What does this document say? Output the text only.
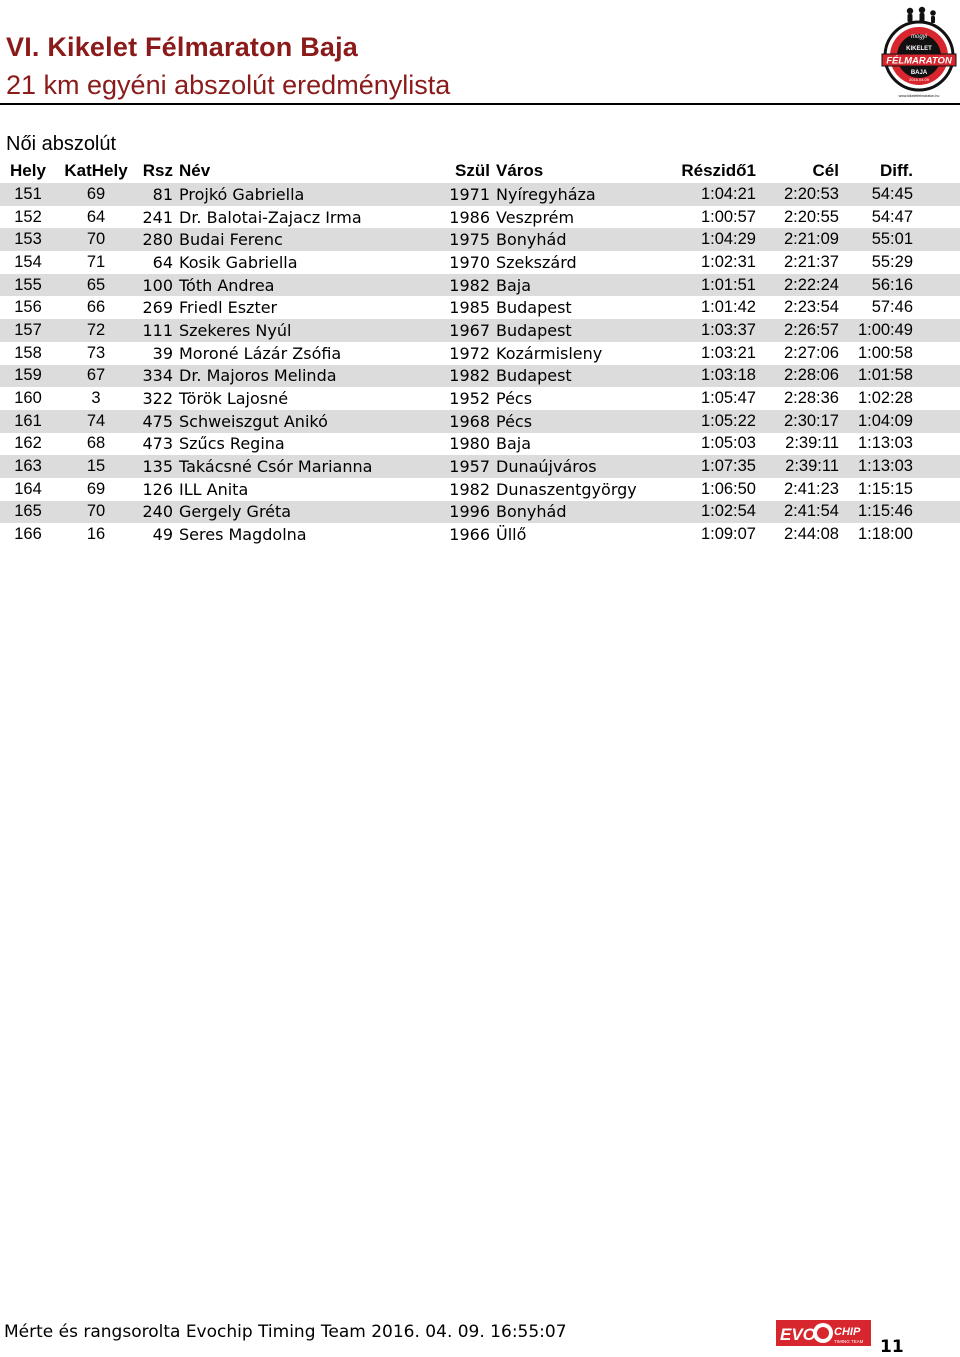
VI. Kikelet Félmaraton Baja
21 km egyéni abszolút eredménylista
mogyi
KIKELET
FÉLMARATON
BAJA
2016.04.09
www.kikeletfelmaraton.hu
Női abszolút
Hely	KatHely	Rsz	Név	Szül	Város	Részidő1	Cél	Diff.	
151	69	81	Projkó Gabriella	1971	Nyíregyháza	1:04:21	2:20:53	54:45	
152	64	241	Dr. Balotai-Zajacz Irma	1986	Veszprém	1:00:57	2:20:55	54:47	
153	70	280	Budai Ferenc	1975	Bonyhád	1:04:29	2:21:09	55:01	
154	71	64	Kosik Gabriella	1970	Szekszárd	1:02:31	2:21:37	55:29	
155	65	100	Tóth Andrea	1982	Baja	1:01:51	2:22:24	56:16	
156	66	269	Friedl Eszter	1985	Budapest	1:01:42	2:23:54	57:46	
157	72	111	Szekeres Nyúl	1967	Budapest	1:03:37	2:26:57	1:00:49	
158	73	39	Moroné Lázár Zsófia	1972	Kozármisleny	1:03:21	2:27:06	1:00:58	
159	67	334	Dr. Majoros Melinda	1982	Budapest	1:03:18	2:28:06	1:01:58	
160	3	322	Török Lajosné	1952	Pécs	1:05:47	2:28:36	1:02:28	
161	74	475	Schweiszgut Anikó	1968	Pécs	1:05:22	2:30:17	1:04:09	
162	68	473	Szűcs Regina	1980	Baja	1:05:03	2:39:11	1:13:03	
163	15	135	Takácsné Csór Marianna	1957	Dunaújváros	1:07:35	2:39:11	1:13:03	
164	69	126	ILL Anita	1982	Dunaszentgyörgy	1:06:50	2:41:23	1:15:15	
165	70	240	Gergely Gréta	1996	Bonyhád	1:02:54	2:41:54	1:15:46	
166	16	49	Seres Magdolna	1966	Üllő	1:09:07	2:44:08	1:18:00	
Mérte és rangsorolta Evochip Timing Team 2016. 04. 09. 16:55:07	EVO CHIP
TIMING TEAM 11
